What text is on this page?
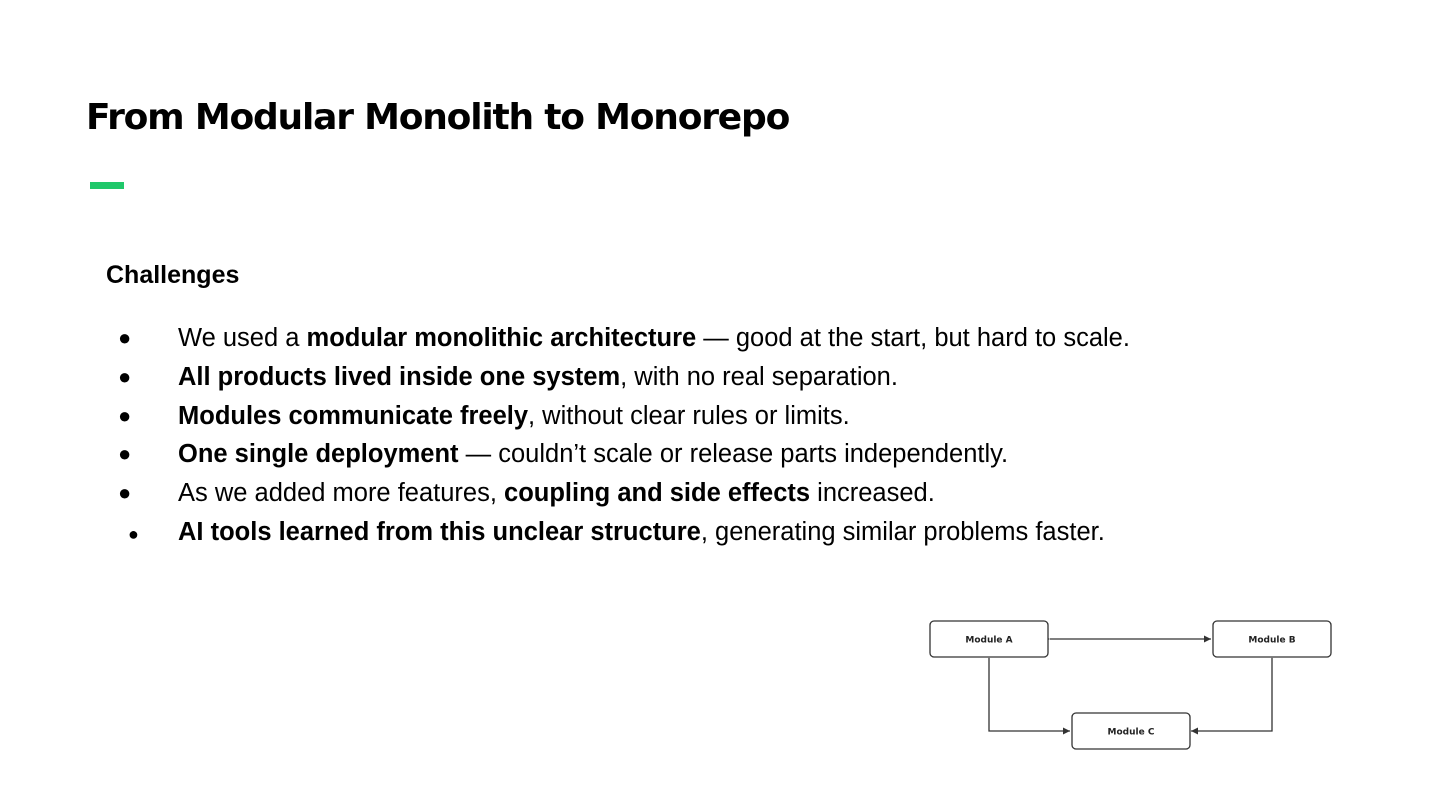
From Modular Monolith to Monorepo
Challenges
●	We used a modular monolithic architecture — good at the start, but hard to scale.
●	All products lived inside one system, with no real separation.
●	Modules communicate freely, without clear rules or limits.
●	One single deployment — couldn’t scale or release parts independently.
●	As we added more features, coupling and side effects increased.
●	AI tools learned from this unclear structure, generating similar problems faster.
Module A	Module B
Module C
